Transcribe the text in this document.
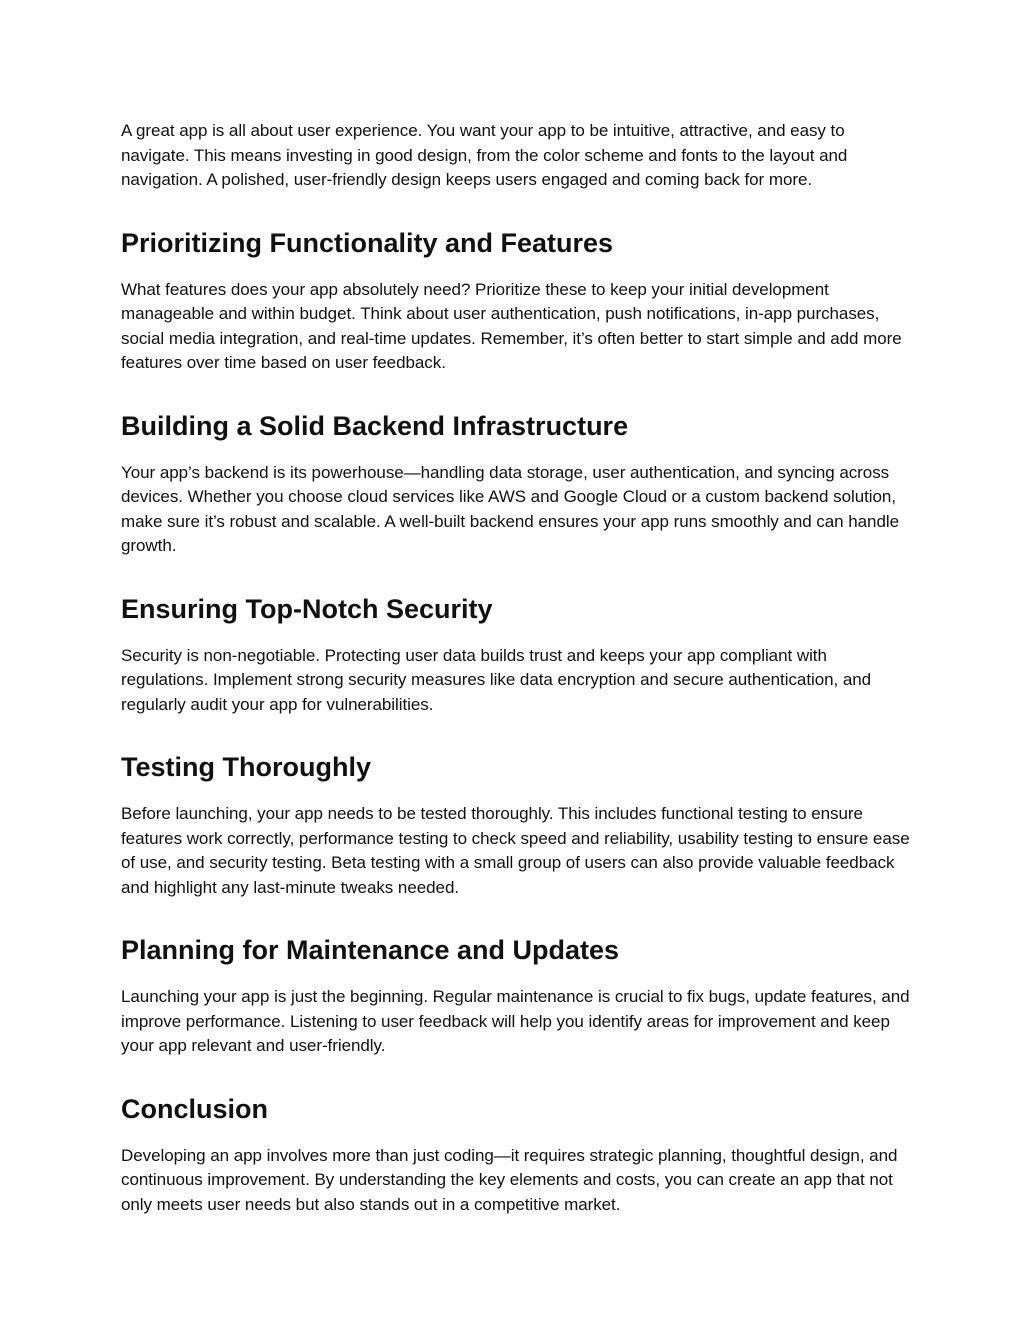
A great app is all about user experience. You want your app to be intuitive, attractive, and easy to navigate. This means investing in good design, from the color scheme and fonts to the layout and navigation. A polished, user-friendly design keeps users engaged and coming back for more.

Prioritizing Functionality and Features

What features does your app absolutely need? Prioritize these to keep your initial development manageable and within budget. Think about user authentication, push notifications, in-app purchases, social media integration, and real-time updates. Remember, it’s often better to start simple and add more features over time based on user feedback.

Building a Solid Backend Infrastructure

Your app’s backend is its powerhouse—handling data storage, user authentication, and syncing across devices. Whether you choose cloud services like AWS and Google Cloud or a custom backend solution, make sure it’s robust and scalable. A well-built backend ensures your app runs smoothly and can handle growth.

Ensuring Top-Notch Security

Security is non-negotiable. Protecting user data builds trust and keeps your app compliant with regulations. Implement strong security measures like data encryption and secure authentication, and regularly audit your app for vulnerabilities.

Testing Thoroughly

Before launching, your app needs to be tested thoroughly. This includes functional testing to ensure features work correctly, performance testing to check speed and reliability, usability testing to ensure ease of use, and security testing. Beta testing with a small group of users can also provide valuable feedback and highlight any last-minute tweaks needed.

Planning for Maintenance and Updates

Launching your app is just the beginning. Regular maintenance is crucial to fix bugs, update features, and improve performance. Listening to user feedback will help you identify areas for improvement and keep your app relevant and user-friendly.

Conclusion

Developing an app involves more than just coding—it requires strategic planning, thoughtful design, and continuous improvement. By understanding the key elements and costs, you can create an app that not only meets user needs but also stands out in a competitive market.
